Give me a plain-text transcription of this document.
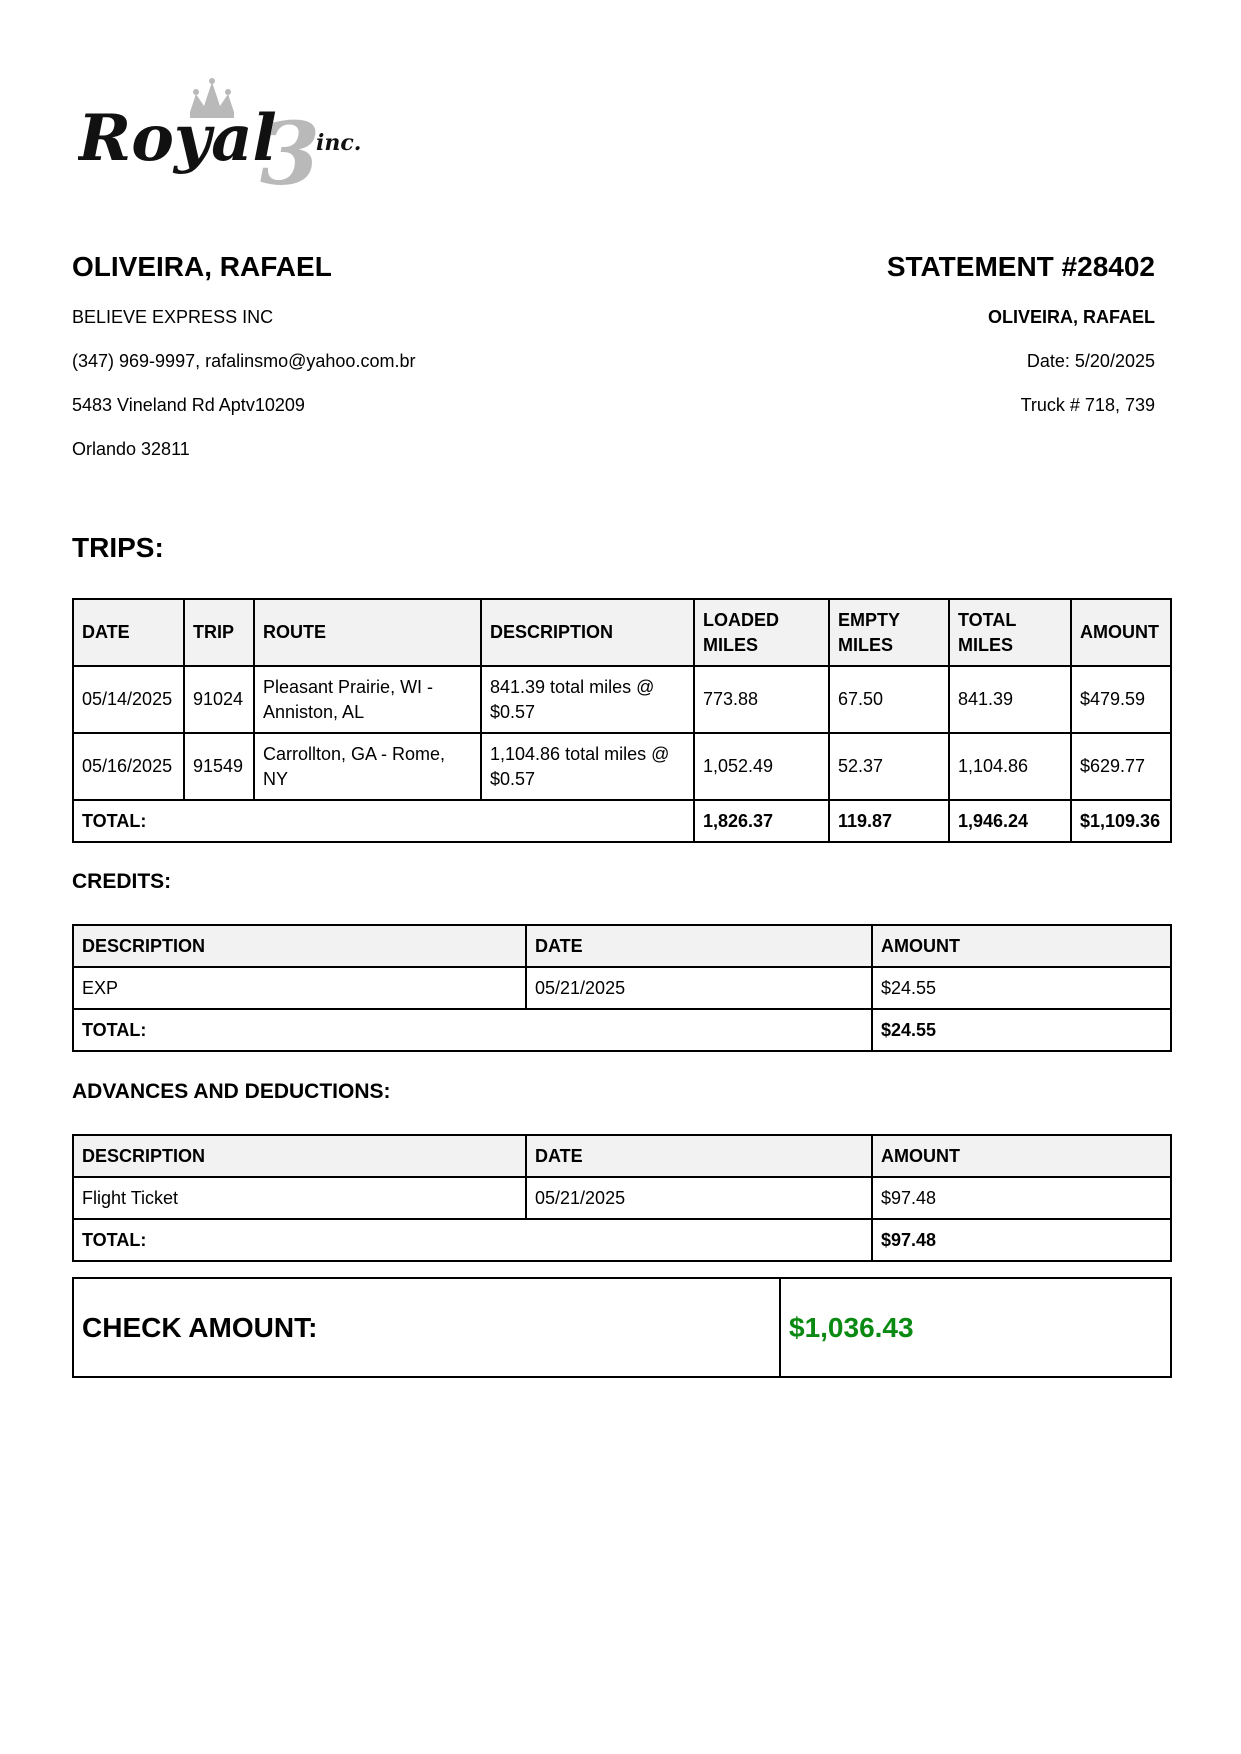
Royal
3
inc.
OLIVEIRA, RAFAEL
BELIEVE EXPRESS INC
(347) 969-9997, rafalinsmo@yahoo.com.br
5483 Vineland Rd Aptv10209
Orlando 32811
STATEMENT #28402
OLIVEIRA, RAFAEL
Date: 5/20/2025
Truck # 718, 739
TRIPS:
DATE	TRIP	ROUTE	DESCRIPTION	LOADED MILES	EMPTY MILES	TOTAL MILES	AMOUNT
05/14/2025	91024	Pleasant Prairie, WI - Anniston, AL	841.39 total miles @ $0.57	773.88	67.50	841.39	$479.59
05/16/2025	91549	Carrollton, GA - Rome, NY	1,104.86 total miles @ $0.57	1,052.49	52.37	1,104.86	$629.77
TOTAL:				1,826.37	119.87	1,946.24	$1,109.36
CREDITS:
DESCRIPTION	DATE	AMOUNT
EXP	05/21/2025	$24.55
TOTAL:		$24.55
ADVANCES AND DEDUCTIONS:
DESCRIPTION	DATE	AMOUNT
Flight Ticket	05/21/2025	$97.48
TOTAL:		$97.48
CHECK AMOUNT:	$1,036.43
